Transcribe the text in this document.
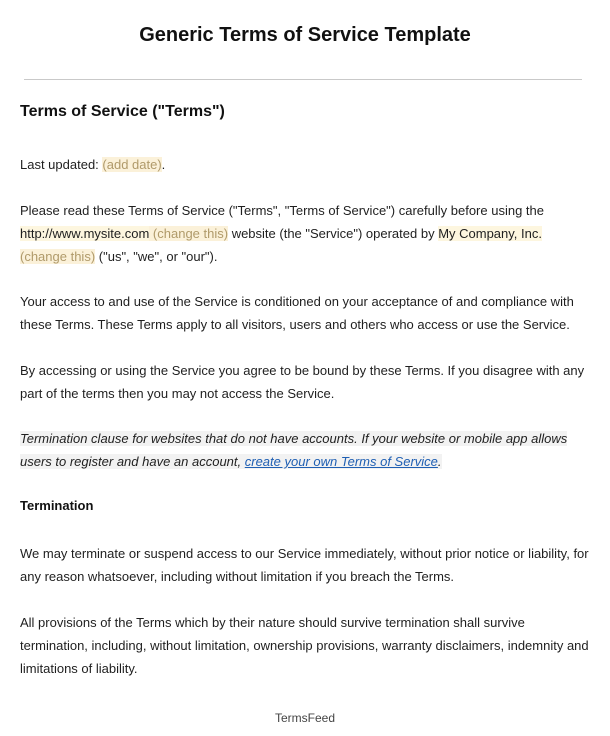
Generic Terms of Service Template
Terms of Service ("Terms")
Last updated: (add date).
Please read these Terms of Service ("Terms", "Terms of Service") carefully before using the http://www.mysite.com (change this) website (the "Service") operated by My Company, Inc.
(change this) ("us", "we", or "our").
Your access to and use of the Service is conditioned on your acceptance of and compliance with these Terms. These Terms apply to all visitors, users and others who access or use the Service.
By accessing or using the Service you agree to be bound by these Terms. If you disagree with any part of the terms then you may not access the Service.
Termination clause for websites that do not have accounts. If your website or mobile app allows users to register and have an account, create your own Terms of Service.
Termination
We may terminate or suspend access to our Service immediately, without prior notice or liability, for any reason whatsoever, including without limitation if you breach the Terms.
All provisions of the Terms which by their nature should survive termination shall survive termination, including, without limitation, ownership provisions, warranty disclaimers, indemnity and limitations of liability.
TermsFeed
